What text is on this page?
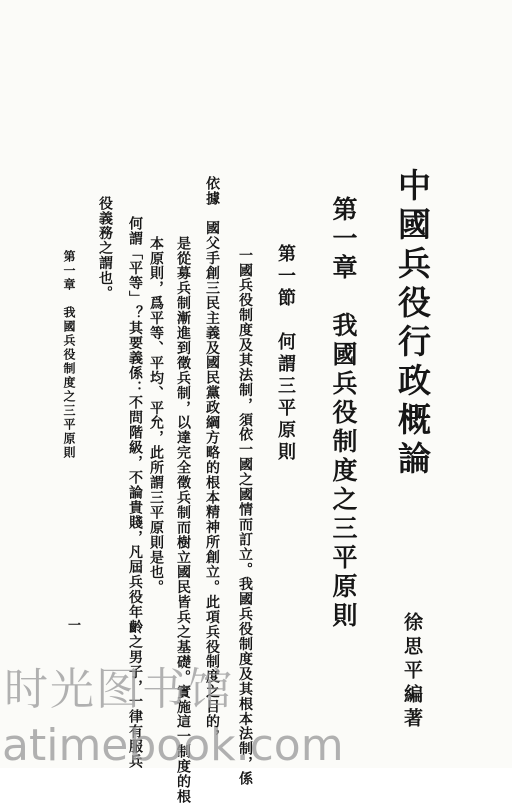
中國兵役行政概論
徐思平編著
第一章　我國兵役制度之三平原則
第一節　何謂三平原則
一國兵役制度及其法制，須依一國之國情而訂立。我國兵役制度及其根本法制，係
依據　國父手創三民主義及國民黨政綱方略的根本精神所創立。此項兵役制度之目的，
是從募兵制漸進到徵兵制，以達完全徵兵制而樹立國民皆兵之基礎。實施這一制度的根
本原則，爲平等、平均、平允，此所謂三平原則是也。
何謂「平等」？其要義係：不問階級，不論貴賤，凡屆兵役年齡之男子，一律有服兵
役義務之謂也。
第一章　我國兵役制度之三平原則
一
时光图书馆
atimebook.com
